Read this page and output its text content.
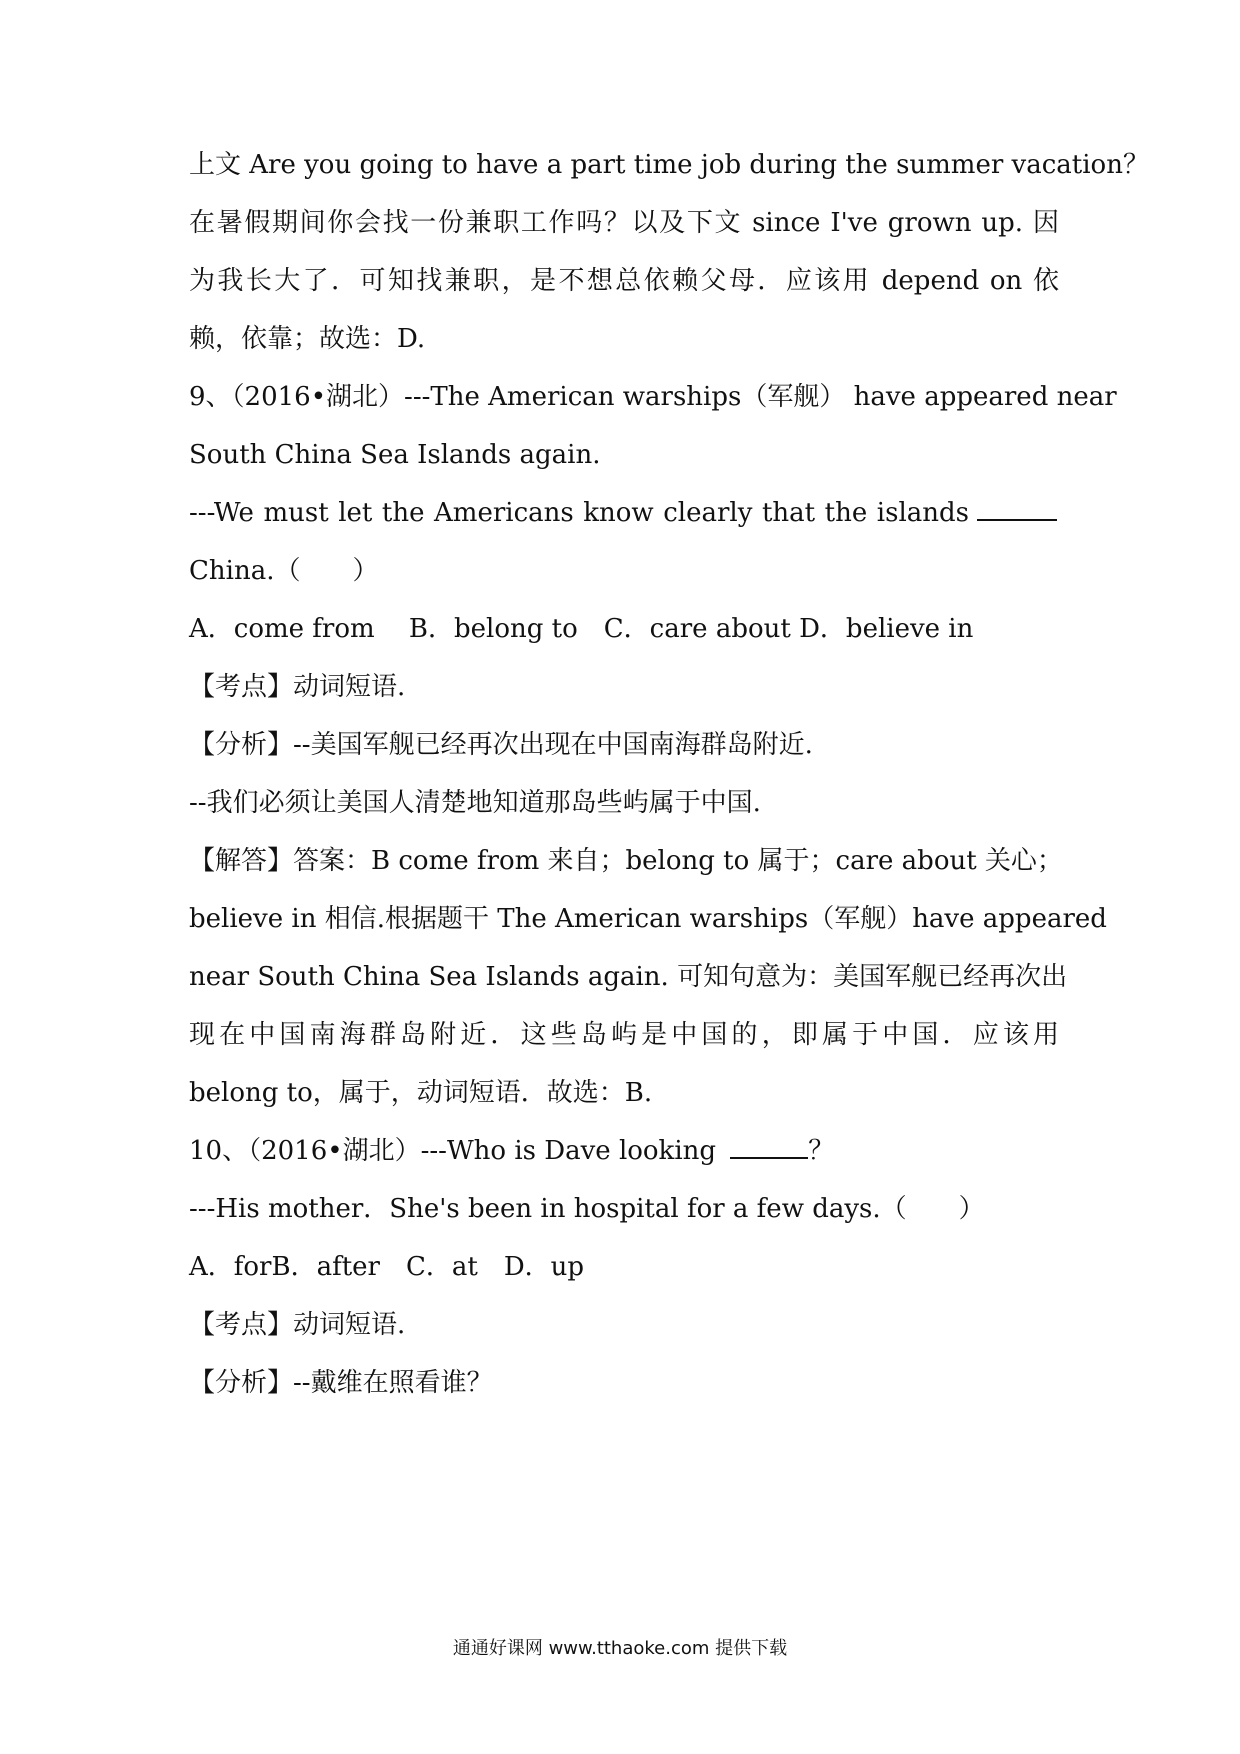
上文 Are you going to have a part time job during the summer vacation？
在暑假期间你会找一份兼职工作吗？以及下文 since I've grown up. 因
为我长大了．可知找兼职，是不想总依赖父母．应该用 depend on 依
赖，依靠；故选：D.
9、（2016•湖北）---The American warships（军舰） have appeared near
South China Sea Islands again.
---We must let the Americans know clearly that the islands
China.（　　）
A．come from　 B．belong to　C．care about D．believe in
【考点】动词短语.
【分析】--美国军舰已经再次出现在中国南海群岛附近.
--我们必须让美国人清楚地知道那岛些屿属于中国.
【解答】答案：B come from 来自；belong to 属于；care about 关心；
believe in 相信.根据题干 The American warships（军舰）have appeared
near South China Sea Islands again. 可知句意为：美国军舰已经再次出
现在中国南海群岛附近．这些岛屿是中国的，即属于中国．应该用
belong to，属于，动词短语．故选：B.
10、（2016•湖北）---Who is Dave looking	？
---His mother．She's been in hospital for a few days.（　　）
A．forB．after　C．at　D．up
【考点】动词短语.
【分析】--戴维在照看谁？
通通好课网 www.tthaoke.com 提供下载
